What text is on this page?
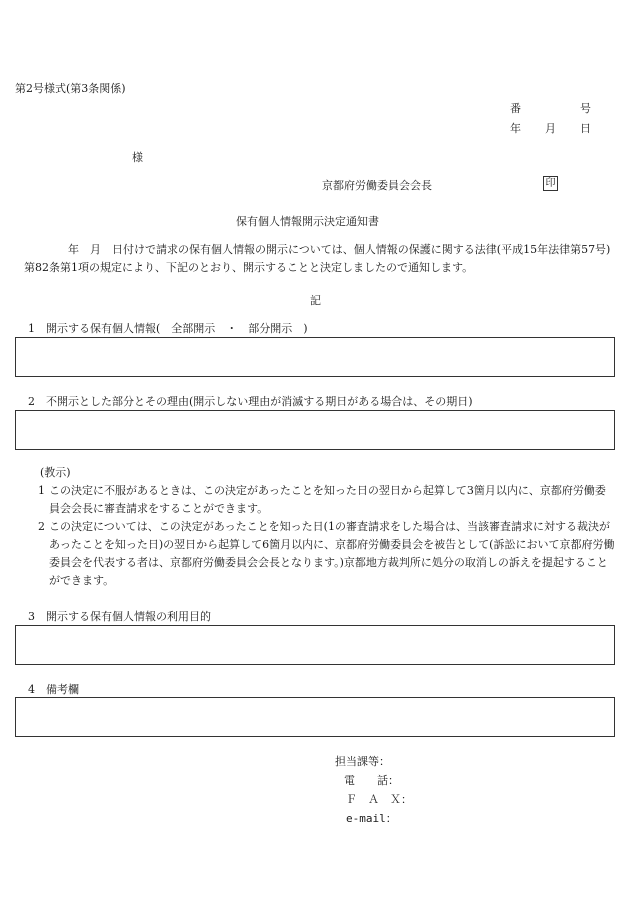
第2号様式(第3条関係)
番	号
年 月 日
様
京都府労働委員会会長	印
保有個人情報開示決定通知書
　　　　年　月　日付けで請求の保有個人情報の開示については、個人情報の保護に関する法律(平成15年法律第57号)第82条第1項の規定により、下記のとおり、開示することと決定しましたので通知します。
記
1　開示する保有個人情報(　全部開示　・　部分開示　)
2　不開示とした部分とその理由(開示しない理由が消滅する期日がある場合は、その期日)
(教示)
1 この決定に不服があるときは、この決定があったことを知った日の翌日から起算して3箇月以内に、京都府労働委員会会長に審査請求をすることができます。
2 この決定については、この決定があったことを知った日(1の審査請求をした場合は、当該審査請求に対する裁決があったことを知った日)の翌日から起算して6箇月以内に、京都府労働委員会を被告として(訴訟において京都府労働委員会を代表する者は、京都府労働委員会会長となります。)京都地方裁判所に処分の取消しの訴えを提起することができます。
3　開示する保有個人情報の利用目的
4　備考欄
担当課等：
電　　話：
Ｆ　Ａ　Ｘ：
e-mail：
